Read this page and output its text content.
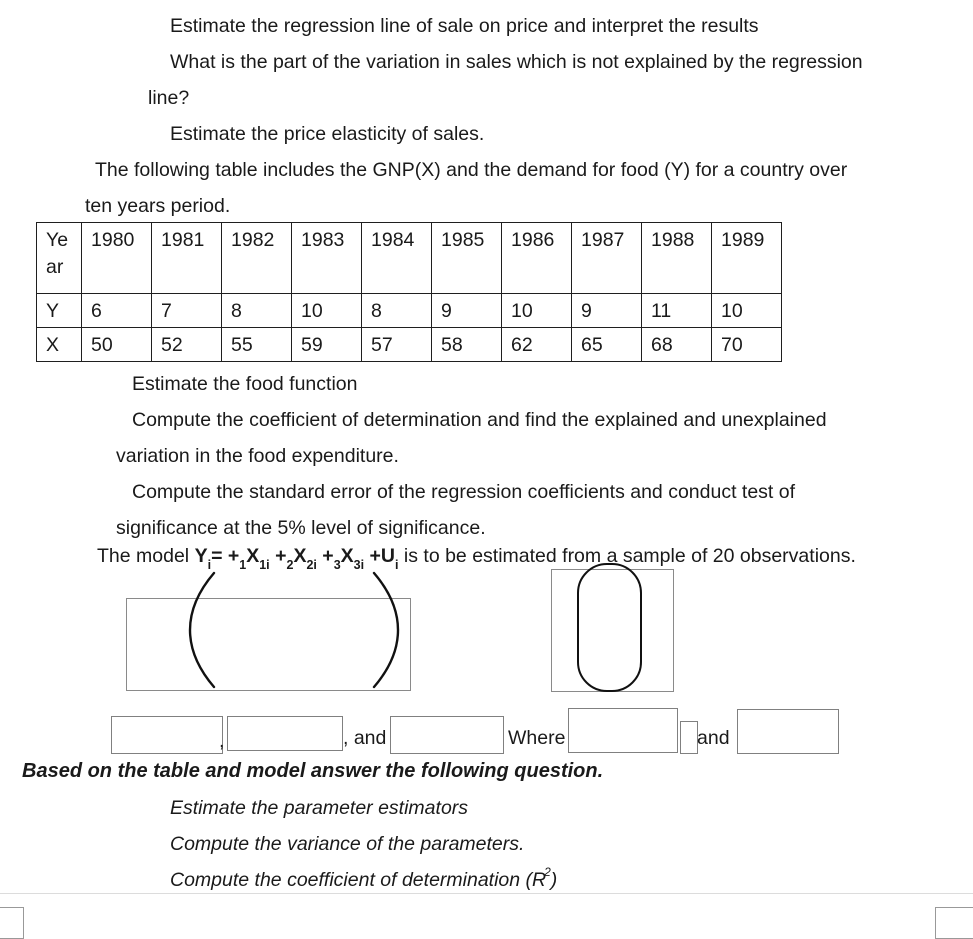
Estimate the regression line of sale on price and interpret the results
What is the part of the variation in sales which is not explained by the regression
line?
Estimate the price elasticity of sales.
The following table includes the GNP(X) and the demand for food (Y) for a country over
ten years period.
Year	1980	1981	1982	1983	1984	1985	1986	1987	1988	1989
Y	6	7	8	10	8	9	10	9	11	10
X	50	52	55	59	57	58	62	65	68	70
Estimate the food function
Compute the coefficient of determination and find the explained and unexplained
variation in the food expenditure.
Compute the standard error of the regression coefficients and conduct test of
significance at the 5% level of significance.
The model $Y_i= +_1X_{1i} +_2X_{2i} +_3X_{3i} +U_i$ is to be estimated from a sample of 20 observations.
,	, and	Where	and
Based on the table and model answer the following question.
Estimate the parameter estimators
Compute the variance of the parameters.
Compute the coefficient of determination $(R^2)$
